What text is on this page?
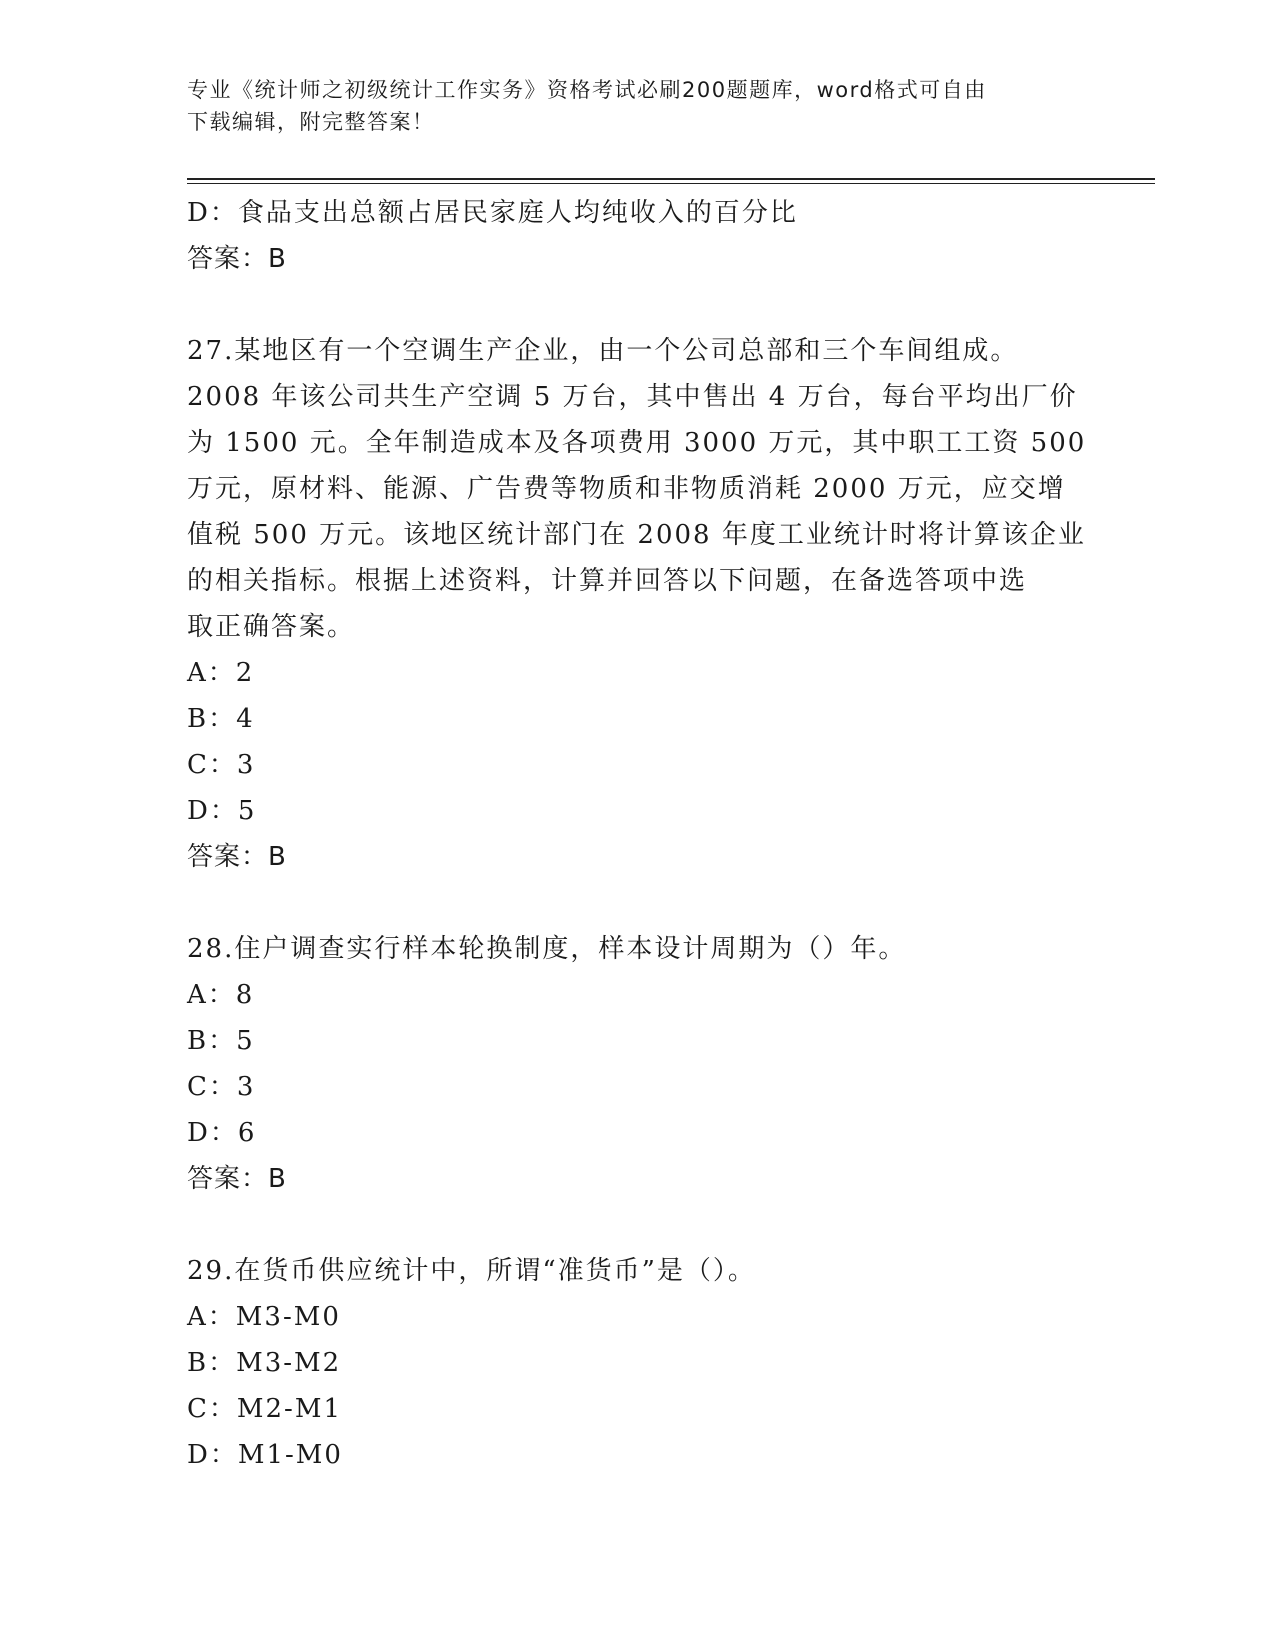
专业《统计师之初级统计工作实务》资格考试必刷200题题库，word格式可自由
下载编辑，附完整答案！
D：食品支出总额占居民家庭人均纯收入的百分比
答案：B
27.某地区有一个空调生产企业，由一个公司总部和三个车间组成。
2008 年该公司共生产空调 5 万台，其中售出 4 万台，每台平均出厂价
为 1500 元。全年制造成本及各项费用 3000 万元，其中职工工资 500
万元，原材料、能源、广告费等物质和非物质消耗 2000 万元，应交增
值税 500 万元。该地区统计部门在 2008 年度工业统计时将计算该企业
的相关指标。根据上述资料，计算并回答以下问题，在备选答项中选
取正确答案。
A：2
B：4
C：3
D：5
答案：B
28.住户调查实行样本轮换制度，样本设计周期为（）年。
A：8
B：5
C：3
D：6
答案：B
29.在货币供应统计中，所谓“准货币”是（）。
A：M3-M0
B：M3-M2
C：M2-M1
D：M1-M0
